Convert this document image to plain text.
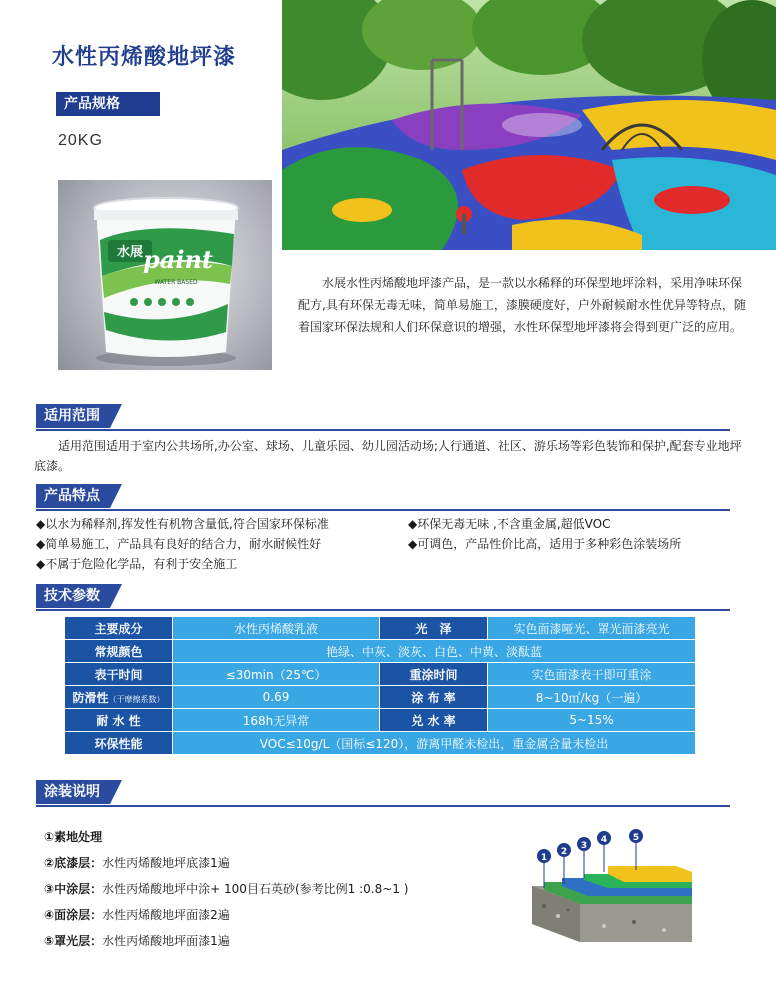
水性丙烯酸地坪漆
产品规格
20KG
水展 paint
WATER BASED	水展水性丙烯酸地坪漆产品，是一款以水稀释的环保型地坪涂料，采用净味环保配方,具有环保无毒无味，简单易施工，漆膜硬度好，户外耐候耐水性优异等特点，随着国家环保法规和人们环保意识的增强，水性环保型地坪漆将会得到更广泛的应用。
适用范围
适用范围适用于室内公共场所,办公室、球场、儿童乐园、幼儿园活动场;人行通道、社区、游乐场等彩色装饰和保护,配套专业地坪底漆。
产品特点
◆以水为稀释剂,挥发性有机物含量低,符合国家环保标准	◆环保无毒无味 ,不含重金属,超低VOC
◆简单易施工，产品具有良好的结合力，耐水耐候性好	◆可调色，产品性价比高，适用于多种彩色涂装场所
◆不属于危险化学品，有利于安全施工
技术参数
主要成分	水性丙烯酸乳液	光　泽	实色面漆哑光、罩光面漆亮光
常规颜色	艳绿、中灰、淡灰、白色、中黄、淡酞蓝		
表干时间	≤30min（25℃）	重涂时间	实色面漆表干即可重涂
防滑性（干摩擦系数）	0.69	涂 布 率	8~10㎡/kg（一遍）
耐 水 性	168h无异常	兑 水 率	5~15%
环保性能	VOC≤10g/L（国标≤120），游离甲醛未检出，重金属含量未检出		
涂装说明
①素地处理
②底漆层：水性丙烯酸地坪底漆1遍
③中涂层：水性丙烯酸地坪中涂+ 100目石英砂(参考比例1 :0.8~1 )
④面涂层：水性丙烯酸地坪面漆2遍
⑤罩光层：水性丙烯酸地坪面漆1遍
1
2
3
4	5
